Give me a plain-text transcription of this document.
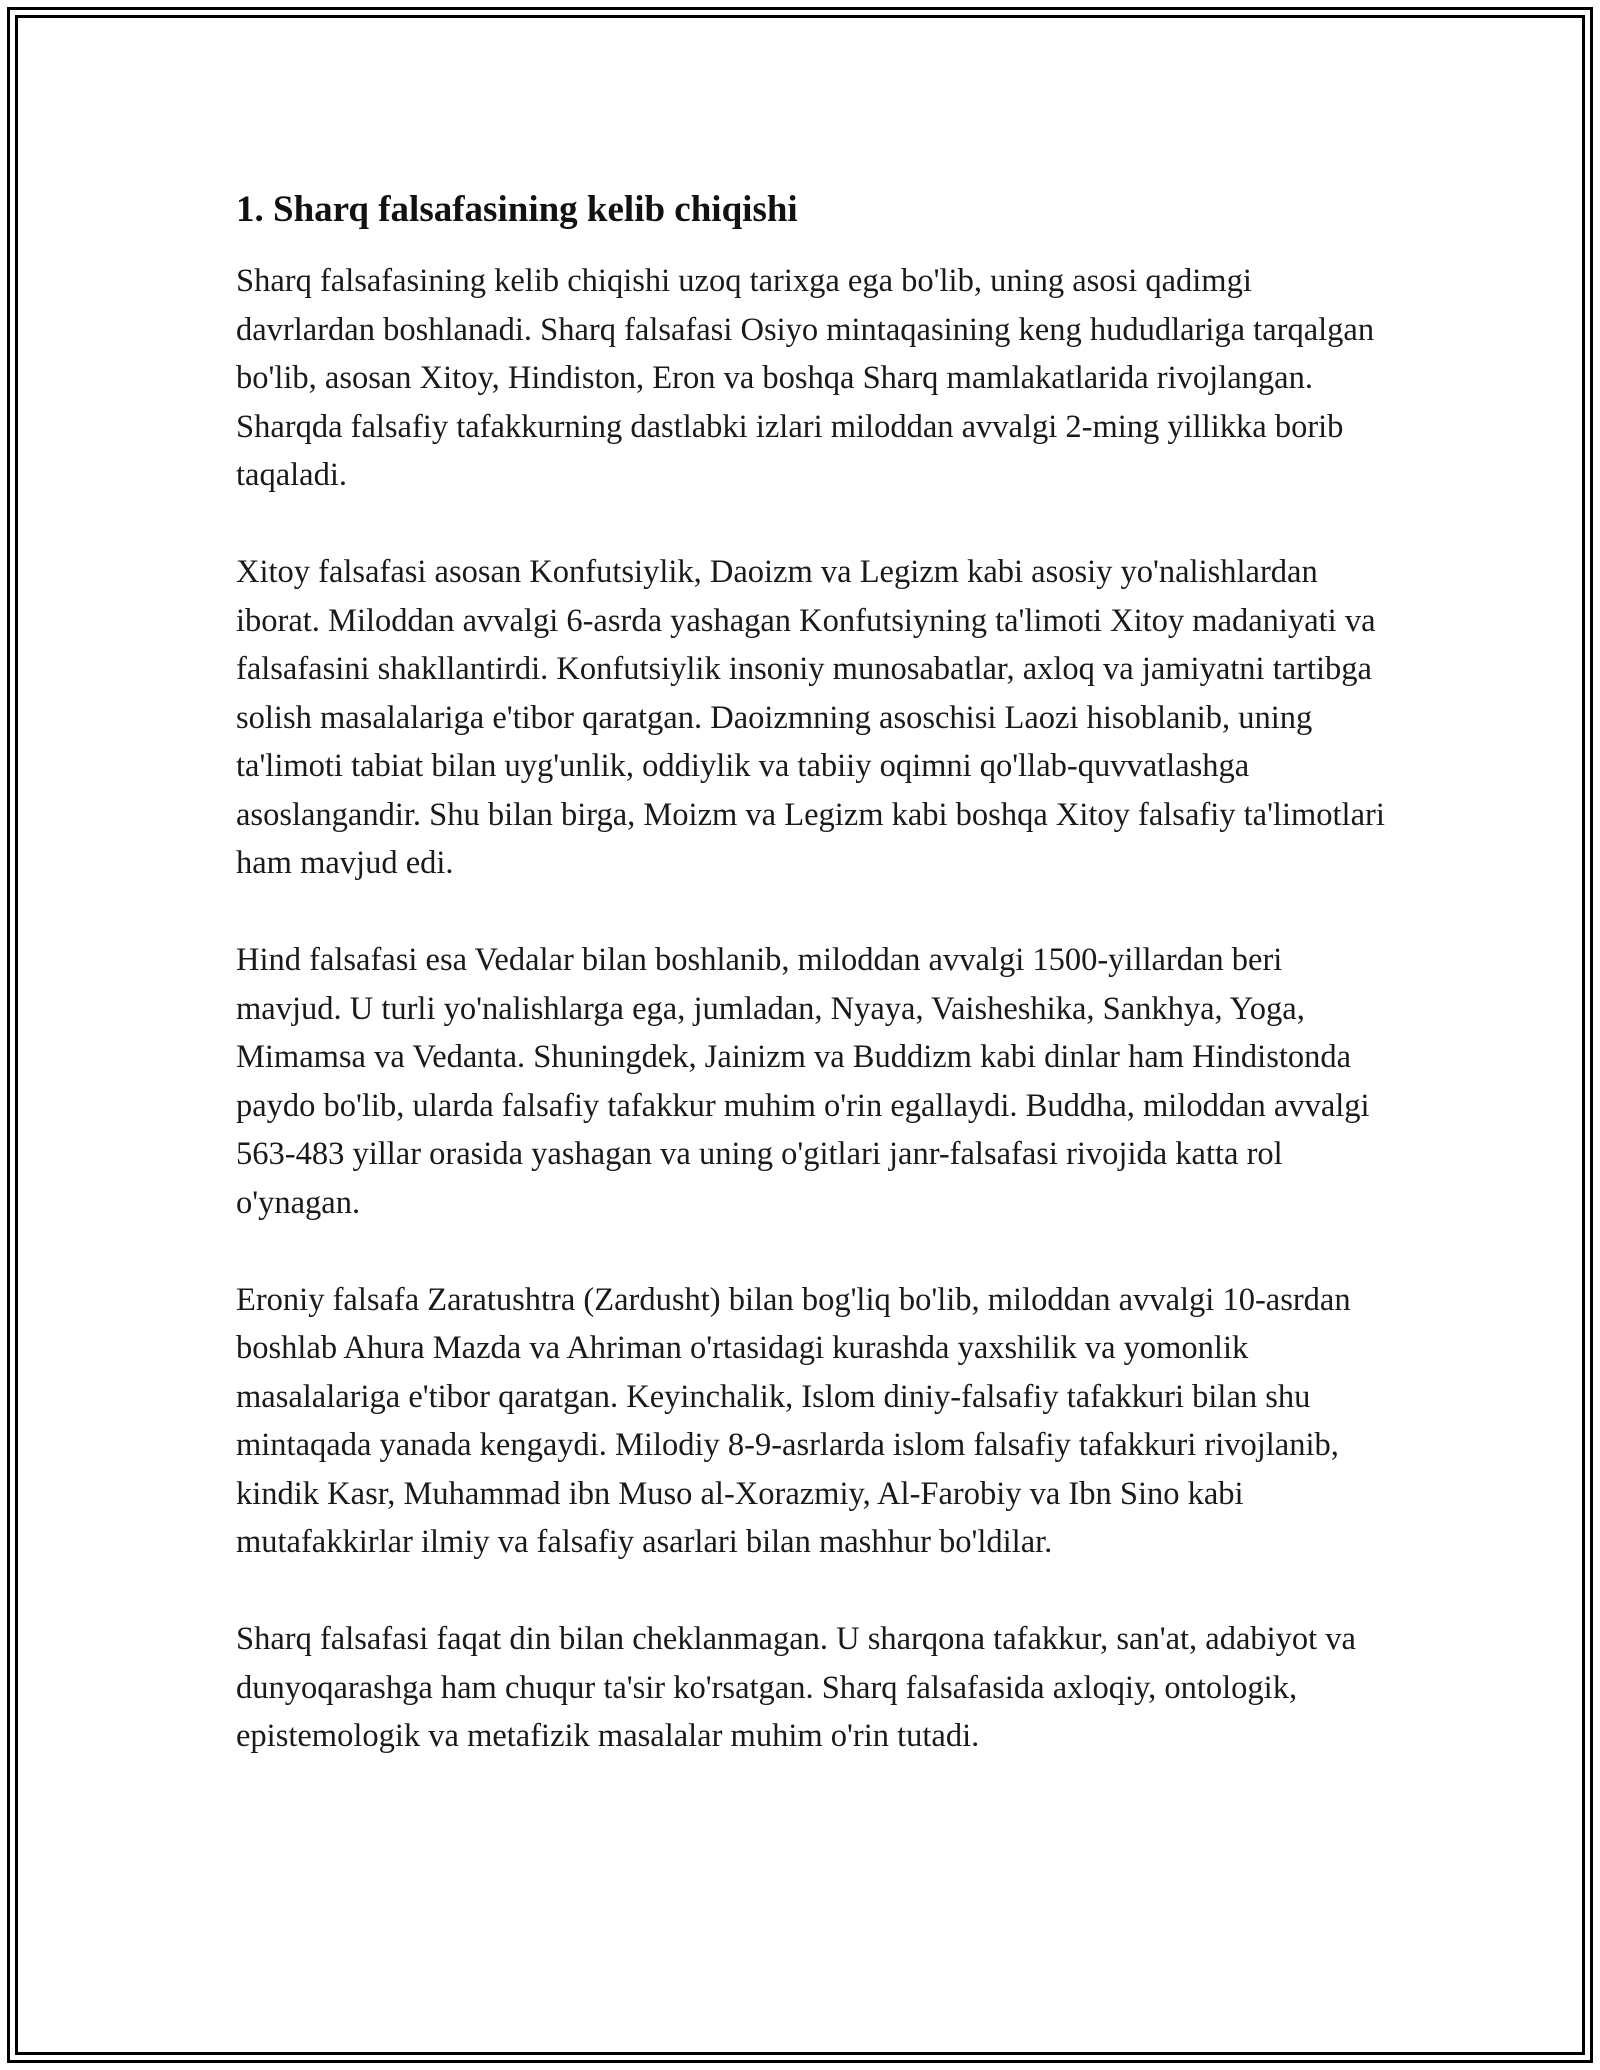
1. Sharq falsafasining kelib chiqishi

Sharq falsafasining kelib chiqishi uzoq tarixga ega bo'lib, uning asosi qadimgi davrlardan boshlanadi. Sharq falsafasi Osiyo mintaqasining keng hududlariga tarqalgan bo'lib, asosan Xitoy, Hindiston, Eron va boshqa Sharq mamlakatlarida rivojlangan. Sharqda falsafiy tafakkurning dastlabki izlari miloddan avvalgi 2-ming yillikka borib taqaladi.

Xitoy falsafasi asosan Konfutsiylik, Daoizm va Legizm kabi asosiy yo'nalishlardan iborat. Miloddan avvalgi 6-asrda yashagan Konfutsiyning ta'limoti Xitoy madaniyati va falsafasini shakllantirdi. Konfutsiylik insoniy munosabatlar, axloq va jamiyatni tartibga solish masalalariga e'tibor qaratgan. Daoizmning asoschisi Laozi hisoblanib, uning ta'limoti tabiat bilan uyg'unlik, oddiylik va tabiiy oqimni qo'llab-quvvatlashga asoslangandir. Shu bilan birga, Moizm va Legizm kabi boshqa Xitoy falsafiy ta'limotlari ham mavjud edi.

Hind falsafasi esa Vedalar bilan boshlanib, miloddan avvalgi 1500-yillardan beri mavjud. U turli yo'nalishlarga ega, jumladan, Nyaya, Vaisheshika, Sankhya, Yoga, Mimamsa va Vedanta. Shuningdek, Jainizm va Buddizm kabi dinlar ham Hindistonda paydo bo'lib, ularda falsafiy tafakkur muhim o'rin egallaydi. Buddha, miloddan avvalgi 563-483 yillar orasida yashagan va uning o'gitlari janr-falsafasi rivojida katta rol o'ynagan.

Eroniy falsafa Zaratushtra (Zardusht) bilan bog'liq bo'lib, miloddan avvalgi 10-asrdan boshlab Ahura Mazda va Ahriman o'rtasidagi kurashda yaxshilik va yomonlik masalalariga e'tibor qaratgan. Keyinchalik, Islom diniy-falsafiy tafakkuri bilan shu mintaqada yanada kengaydi. Milodiy 8-9-asrlarda islom falsafiy tafakkuri rivojlanib, kindik Kasr, Muhammad ibn Muso al-Xorazmiy, Al-Farobiy va Ibn Sino kabi mutafakkirlar ilmiy va falsafiy asarlari bilan mashhur bo'ldilar.

Sharq falsafasi faqat din bilan cheklanmagan. U sharqona tafakkur, san'at, adabiyot va dunyoqarashga ham chuqur ta'sir ko'rsatgan. Sharq falsafasida axloqiy, ontologik, epistemologik va metafizik masalalar muhim o'rin tutadi.
